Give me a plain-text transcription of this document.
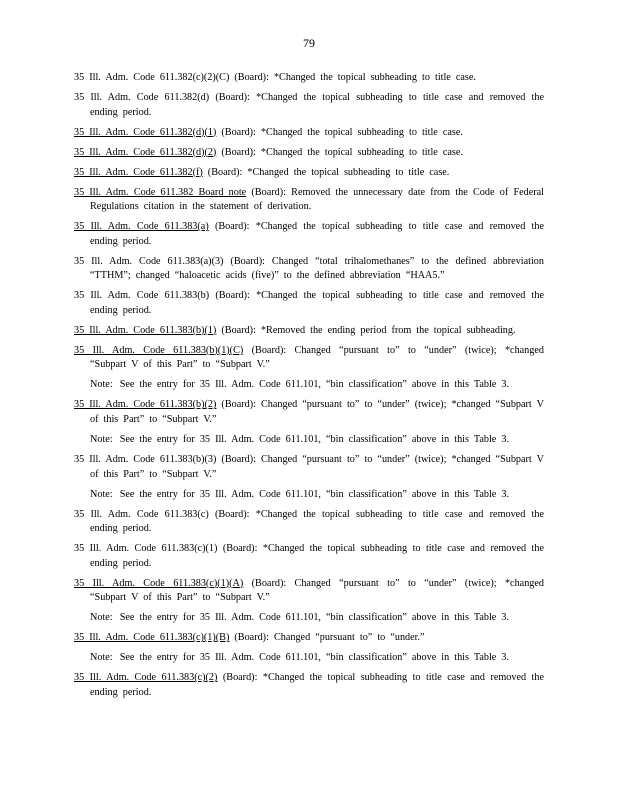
79

35 Ill. Adm. Code 611.382(c)(2)(C) (Board): *Changed the topical subheading to title case.

35 Ill. Adm. Code 611.382(d) (Board): *Changed the topical subheading to title case and removed the ending period.

35 Ill. Adm. Code 611.382(d)(1) (Board): *Changed the topical subheading to title case.

35 Ill. Adm. Code 611.382(d)(2) (Board): *Changed the topical subheading to title case.

35 Ill. Adm. Code 611.382(f) (Board): *Changed the topical subheading to title case.

35 Ill. Adm. Code 611.382 Board note (Board): Removed the unnecessary date from the Code of Federal Regulations citation in the statement of derivation.

35 Ill. Adm. Code 611.383(a) (Board): *Changed the topical subheading to title case and removed the ending period.

35 Ill. Adm. Code 611.383(a)(3) (Board): Changed “total trihalomethanes” to the defined abbreviation “TTHM”; changed “haloacetic acids (five)” to the defined abbreviation “HAA5.”

35 Ill. Adm. Code 611.383(b) (Board): *Changed the topical subheading to title case and removed the ending period.

35 Ill. Adm. Code 611.383(b)(1) (Board): *Removed the ending period from the topical subheading.

35 Ill. Adm. Code 611.383(b)(1)(C) (Board): Changed “pursuant to” to “under” (twice); *changed “Subpart V of this Part” to “Subpart V.”

Note: See the entry for 35 Ill. Adm. Code 611.101, “bin classification” above in this Table 3.

35 Ill. Adm. Code 611.383(b)(2) (Board): Changed “pursuant to” to “under” (twice); *changed “Subpart V of this Part” to “Subpart V.”

Note: See the entry for 35 Ill. Adm. Code 611.101, “bin classification” above in this Table 3.

35 Ill. Adm. Code 611.383(b)(3) (Board): Changed “pursuant to” to “under” (twice); *changed “Subpart V of this Part” to “Subpart V.”

Note: See the entry for 35 Ill. Adm. Code 611.101, “bin classification” above in this Table 3.

35 Ill. Adm. Code 611.383(c) (Board): *Changed the topical subheading to title case and removed the ending period.

35 Ill. Adm. Code 611.383(c)(1) (Board): *Changed the topical subheading to title case and removed the ending period.

35 Ill. Adm. Code 611.383(c)(1)(A) (Board): Changed “pursuant to” to “under” (twice); *changed “Subpart V of this Part” to “Subpart V.”

Note: See the entry for 35 Ill. Adm. Code 611.101, “bin classification” above in this Table 3.

35 Ill. Adm. Code 611.383(c)(1)(B) (Board): Changed “pursuant to” to “under.”

Note: See the entry for 35 Ill. Adm. Code 611.101, “bin classification” above in this Table 3.

35 Ill. Adm. Code 611.383(c)(2) (Board): *Changed the topical subheading to title case and removed the ending period.
